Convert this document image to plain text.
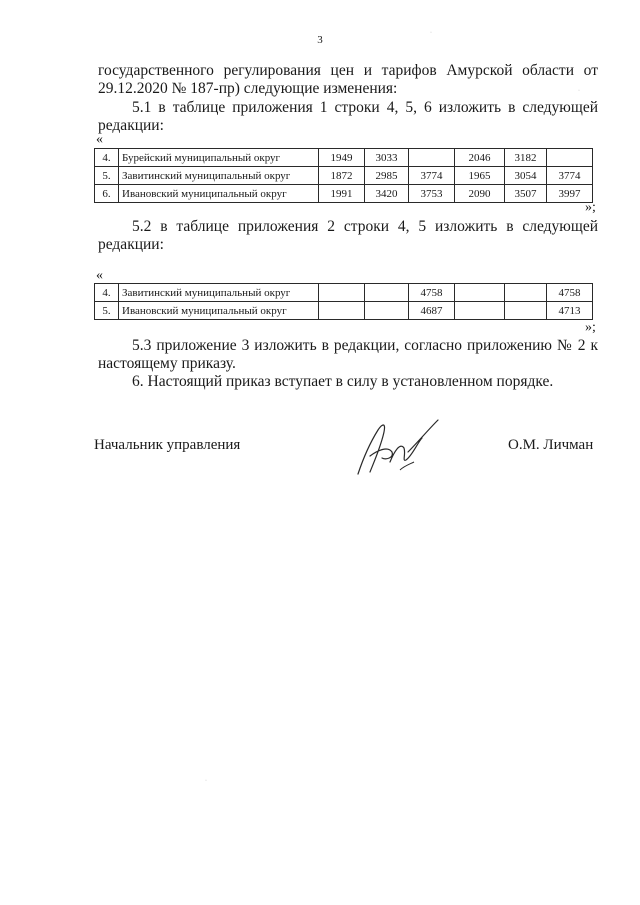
3
государственного регулирования цен и тарифов Амурской области от
29.12.2020 № 187-пр) следующие изменения:
5.1 в таблице приложения 1 строки 4, 5, 6 изложить в следующей
редакции:
«
4.	Бурейский муниципальный округ	1949	3033		2046	3182	
5.	Завитинский муниципальный округ	1872	2985	3774	1965	3054	3774
6.	Ивановский муниципальный округ	1991	3420	3753	2090	3507	3997
»;
5.2 в таблице приложения 2 строки 4, 5 изложить в следующей
редакции:
«
4.	Завитинский муниципальный округ			4758			4758
5.	Ивановский муниципальный округ			4687			4713
»;
5.3 приложение 3 изложить в редакции, согласно приложению № 2 к
настоящему приказу.
6. Настоящий приказ вступает в силу в установленном порядке.
Начальник управления	О.М. Личман
·
·
·
